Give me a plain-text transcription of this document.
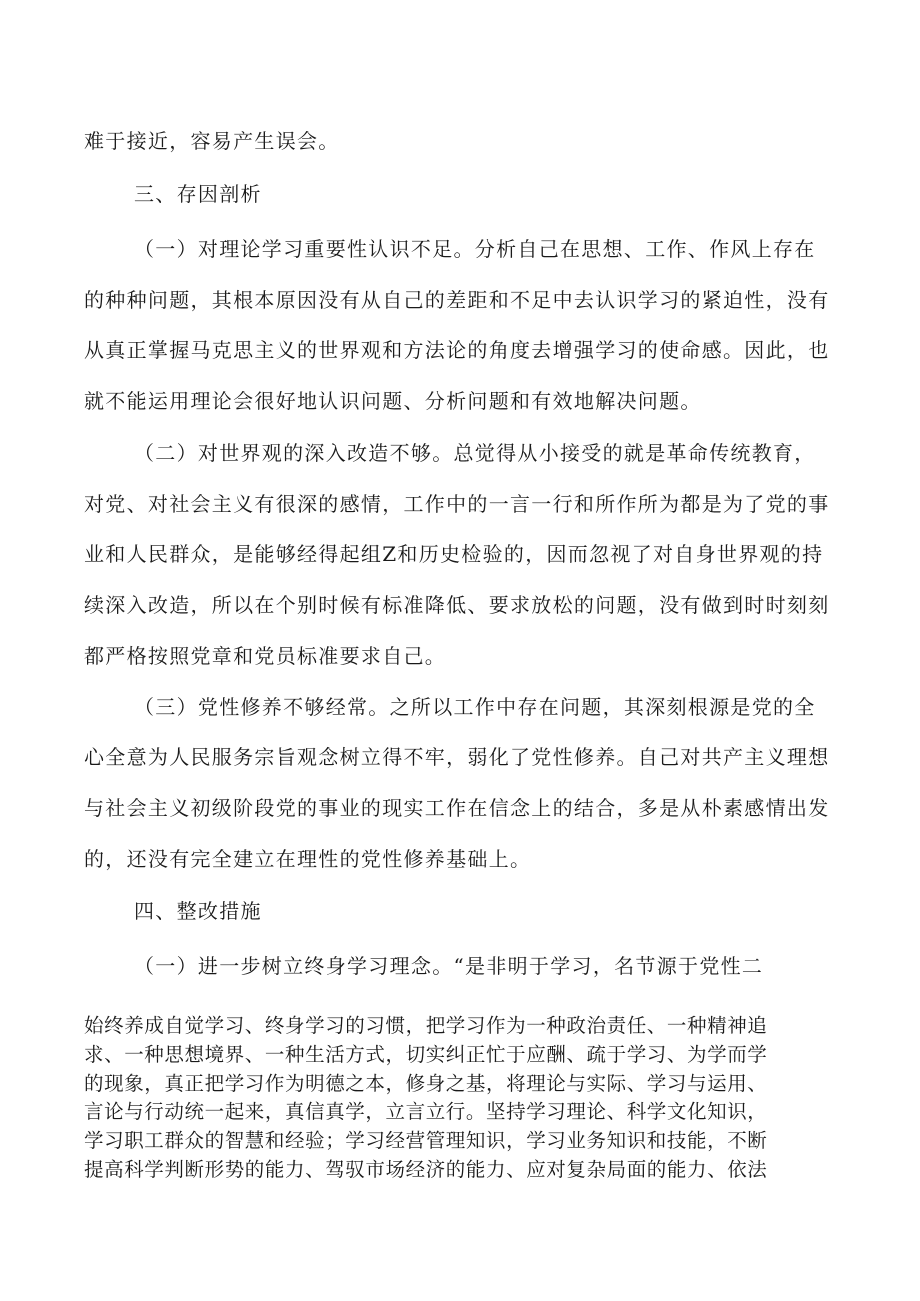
难于接近，容易产生误会。
三、存因剖析
（一）对理论学习重要性认识不足。分析自己在思想、工作、作风上存在
的种种问题，其根本原因没有从自己的差距和不足中去认识学习的紧迫性，没有
从真正掌握马克思主义的世界观和方法论的角度去增强学习的使命感。因此，也
就不能运用理论会很好地认识问题、分析问题和有效地解决问题。
（二）对世界观的深入改造不够。总觉得从小接受的就是革命传统教育，
对党、对社会主义有很深的感情，工作中的一言一行和所作所为都是为了党的事
业和人民群众，是能够经得起组Z和历史检验的，因而忽视了对自身世界观的持
续深入改造，所以在个别时候有标准降低、要求放松的问题，没有做到时时刻刻
都严格按照党章和党员标准要求自己。
（三）党性修养不够经常。之所以工作中存在问题，其深刻根源是党的全
心全意为人民服务宗旨观念树立得不牢，弱化了党性修养。自己对共产主义理想
与社会主义初级阶段党的事业的现实工作在信念上的结合，多是从朴素感情出发
的，还没有完全建立在理性的党性修养基础上。
四、整改措施
（一）进一步树立终身学习理念。“是非明于学习，名节源于党性二
始终养成自觉学习、终身学习的习惯，把学习作为一种政治责任、一种精神追
求、一种思想境界、一种生活方式，切实纠正忙于应酬、疏于学习、为学而学
的现象，真正把学习作为明德之本，修身之基，将理论与实际、学习与运用、
言论与行动统一起来，真信真学，立言立行。坚持学习理论、科学文化知识，
学习职工群众的智慧和经验；学习经营管理知识，学习业务知识和技能，不断
提高科学判断形势的能力、驾驭市场经济的能力、应对复杂局面的能力、依法
